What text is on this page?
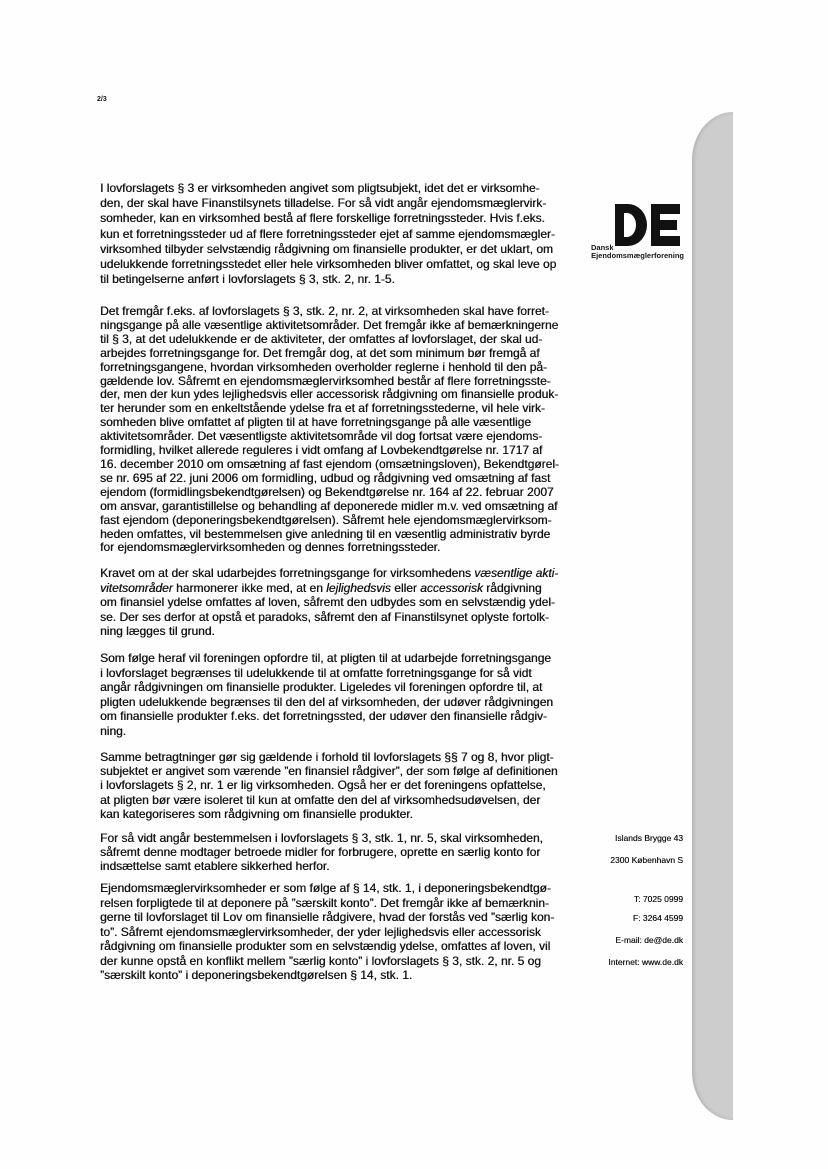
2/3
Dansk
Ejendomsmæglerforening
I lovforslagets § 3 er virksomheden angivet som pligtsubjekt, idet det er virksomhe-
den, der skal have Finanstilsynets tilladelse. For så vidt angår ejendomsmæglervirk-
somheder, kan en virksomhed bestå af flere forskellige forretningssteder. Hvis f.eks.
kun et forretningssteder ud af flere forretningssteder ejet af samme ejendomsmægler-
virksomhed tilbyder selvstændig rådgivning om finansielle produkter, er det uklart, om
udelukkende forretningsstedet eller hele virksomheden bliver omfattet, og skal leve op
til betingelserne anført i lovforslagets § 3, stk. 2, nr. 1-5.
Det fremgår f.eks. af lovforslagets § 3, stk. 2, nr. 2, at virksomheden skal have forret-
ningsgange på alle væsentlige aktivitetsområder. Det fremgår ikke af bemærkningerne
til § 3, at det udelukkende er de aktiviteter, der omfattes af lovforslaget, der skal ud-
arbejdes forretningsgange for. Det fremgår dog, at det som minimum bør fremgå af
forretningsgangene, hvordan virksomheden overholder reglerne i henhold til den på-
gældende lov. Såfremt en ejendomsmæglervirksomhed består af flere forretningsste-
der, men der kun ydes lejlighedsvis eller accessorisk rådgivning om finansielle produk-
ter herunder som en enkeltstående ydelse fra et af forretningsstederne, vil hele virk-
somheden blive omfattet af pligten til at have forretningsgange på alle væsentlige
aktivitetsområder. Det væsentligste aktivitetsområde vil dog fortsat være ejendoms-
formidling, hvilket allerede reguleres i vidt omfang af Lovbekendtgørelse nr. 1717 af
16. december 2010 om omsætning af fast ejendom (omsætningsloven), Bekendtgørel-
se nr. 695 af 22. juni 2006 om formidling, udbud og rådgivning ved omsætning af fast
ejendom (formidlingsbekendtgørelsen) og Bekendtgørelse nr. 164 af 22. februar 2007
om ansvar, garantistillelse og behandling af deponerede midler m.v. ved omsætning af
fast ejendom (deponeringsbekendtgørelsen). Såfremt hele ejendomsmæglervirksom-
heden omfattes, vil bestemmelsen give anledning til en væsentlig administrativ byrde
for ejendomsmæglervirksomheden og dennes forretningssteder.
Kravet om at der skal udarbejdes forretningsgange for virksomhedens væsentlige akti-
vitetsområder harmonerer ikke med, at en lejlighedsvis eller accessorisk rådgivning
om finansiel ydelse omfattes af loven, såfremt den udbydes som en selvstændig ydel-
se. Der ses derfor at opstå et paradoks, såfremt den af Finanstilsynet oplyste fortolk-
ning lægges til grund.
Som følge heraf vil foreningen opfordre til, at pligten til at udarbejde forretningsgange
i lovforslaget begrænses til udelukkende til at omfatte forretningsgange for så vidt
angår rådgivningen om finansielle produkter. Ligeledes vil foreningen opfordre til, at
pligten udelukkende begrænses til den del af virksomheden, der udøver rådgivningen
om finansielle produkter f.eks. det forretningssted, der udøver den finansielle rådgiv-
ning.
Samme betragtninger gør sig gældende i forhold til lovforslagets §§ 7 og 8, hvor pligt-
subjektet er angivet som værende ”en finansiel rådgiver”, der som følge af definitionen
i lovforslagets § 2, nr. 1 er lig virksomheden. Også her er det foreningens opfattelse,
at pligten bør være isoleret til kun at omfatte den del af virksomhedsudøvelsen, der
kan kategoriseres som rådgivning om finansielle produkter.
For så vidt angår bestemmelsen i lovforslagets § 3, stk. 1, nr. 5, skal virksomheden,
såfremt denne modtager betroede midler for forbrugere, oprette en særlig konto for
indsættelse samt etablere sikkerhed herfor.
Ejendomsmæglervirksomheder er som følge af § 14, stk. 1, i deponeringsbekendtgø-
relsen forpligtede til at deponere på ”særskilt konto”. Det fremgår ikke af bemærknin-
gerne til lovforslaget til Lov om finansielle rådgivere, hvad der forstås ved ”særlig kon-
to”. Såfremt ejendomsmæglervirksomheder, der yder lejlighedsvis eller accessorisk
rådgivning om finansielle produkter som en selvstændig ydelse, omfattes af loven, vil
der kunne opstå en konflikt mellem ”særlig konto” i lovforslagets § 3, stk. 2, nr. 5 og
”særskilt konto” i deponeringsbekendtgørelsen § 14, stk. 1.
Islands Brygge 43
2300 København S
T: 7025 0999
F: 3264 4599
E-mail: de@de.dk
Internet: www.de.dk
